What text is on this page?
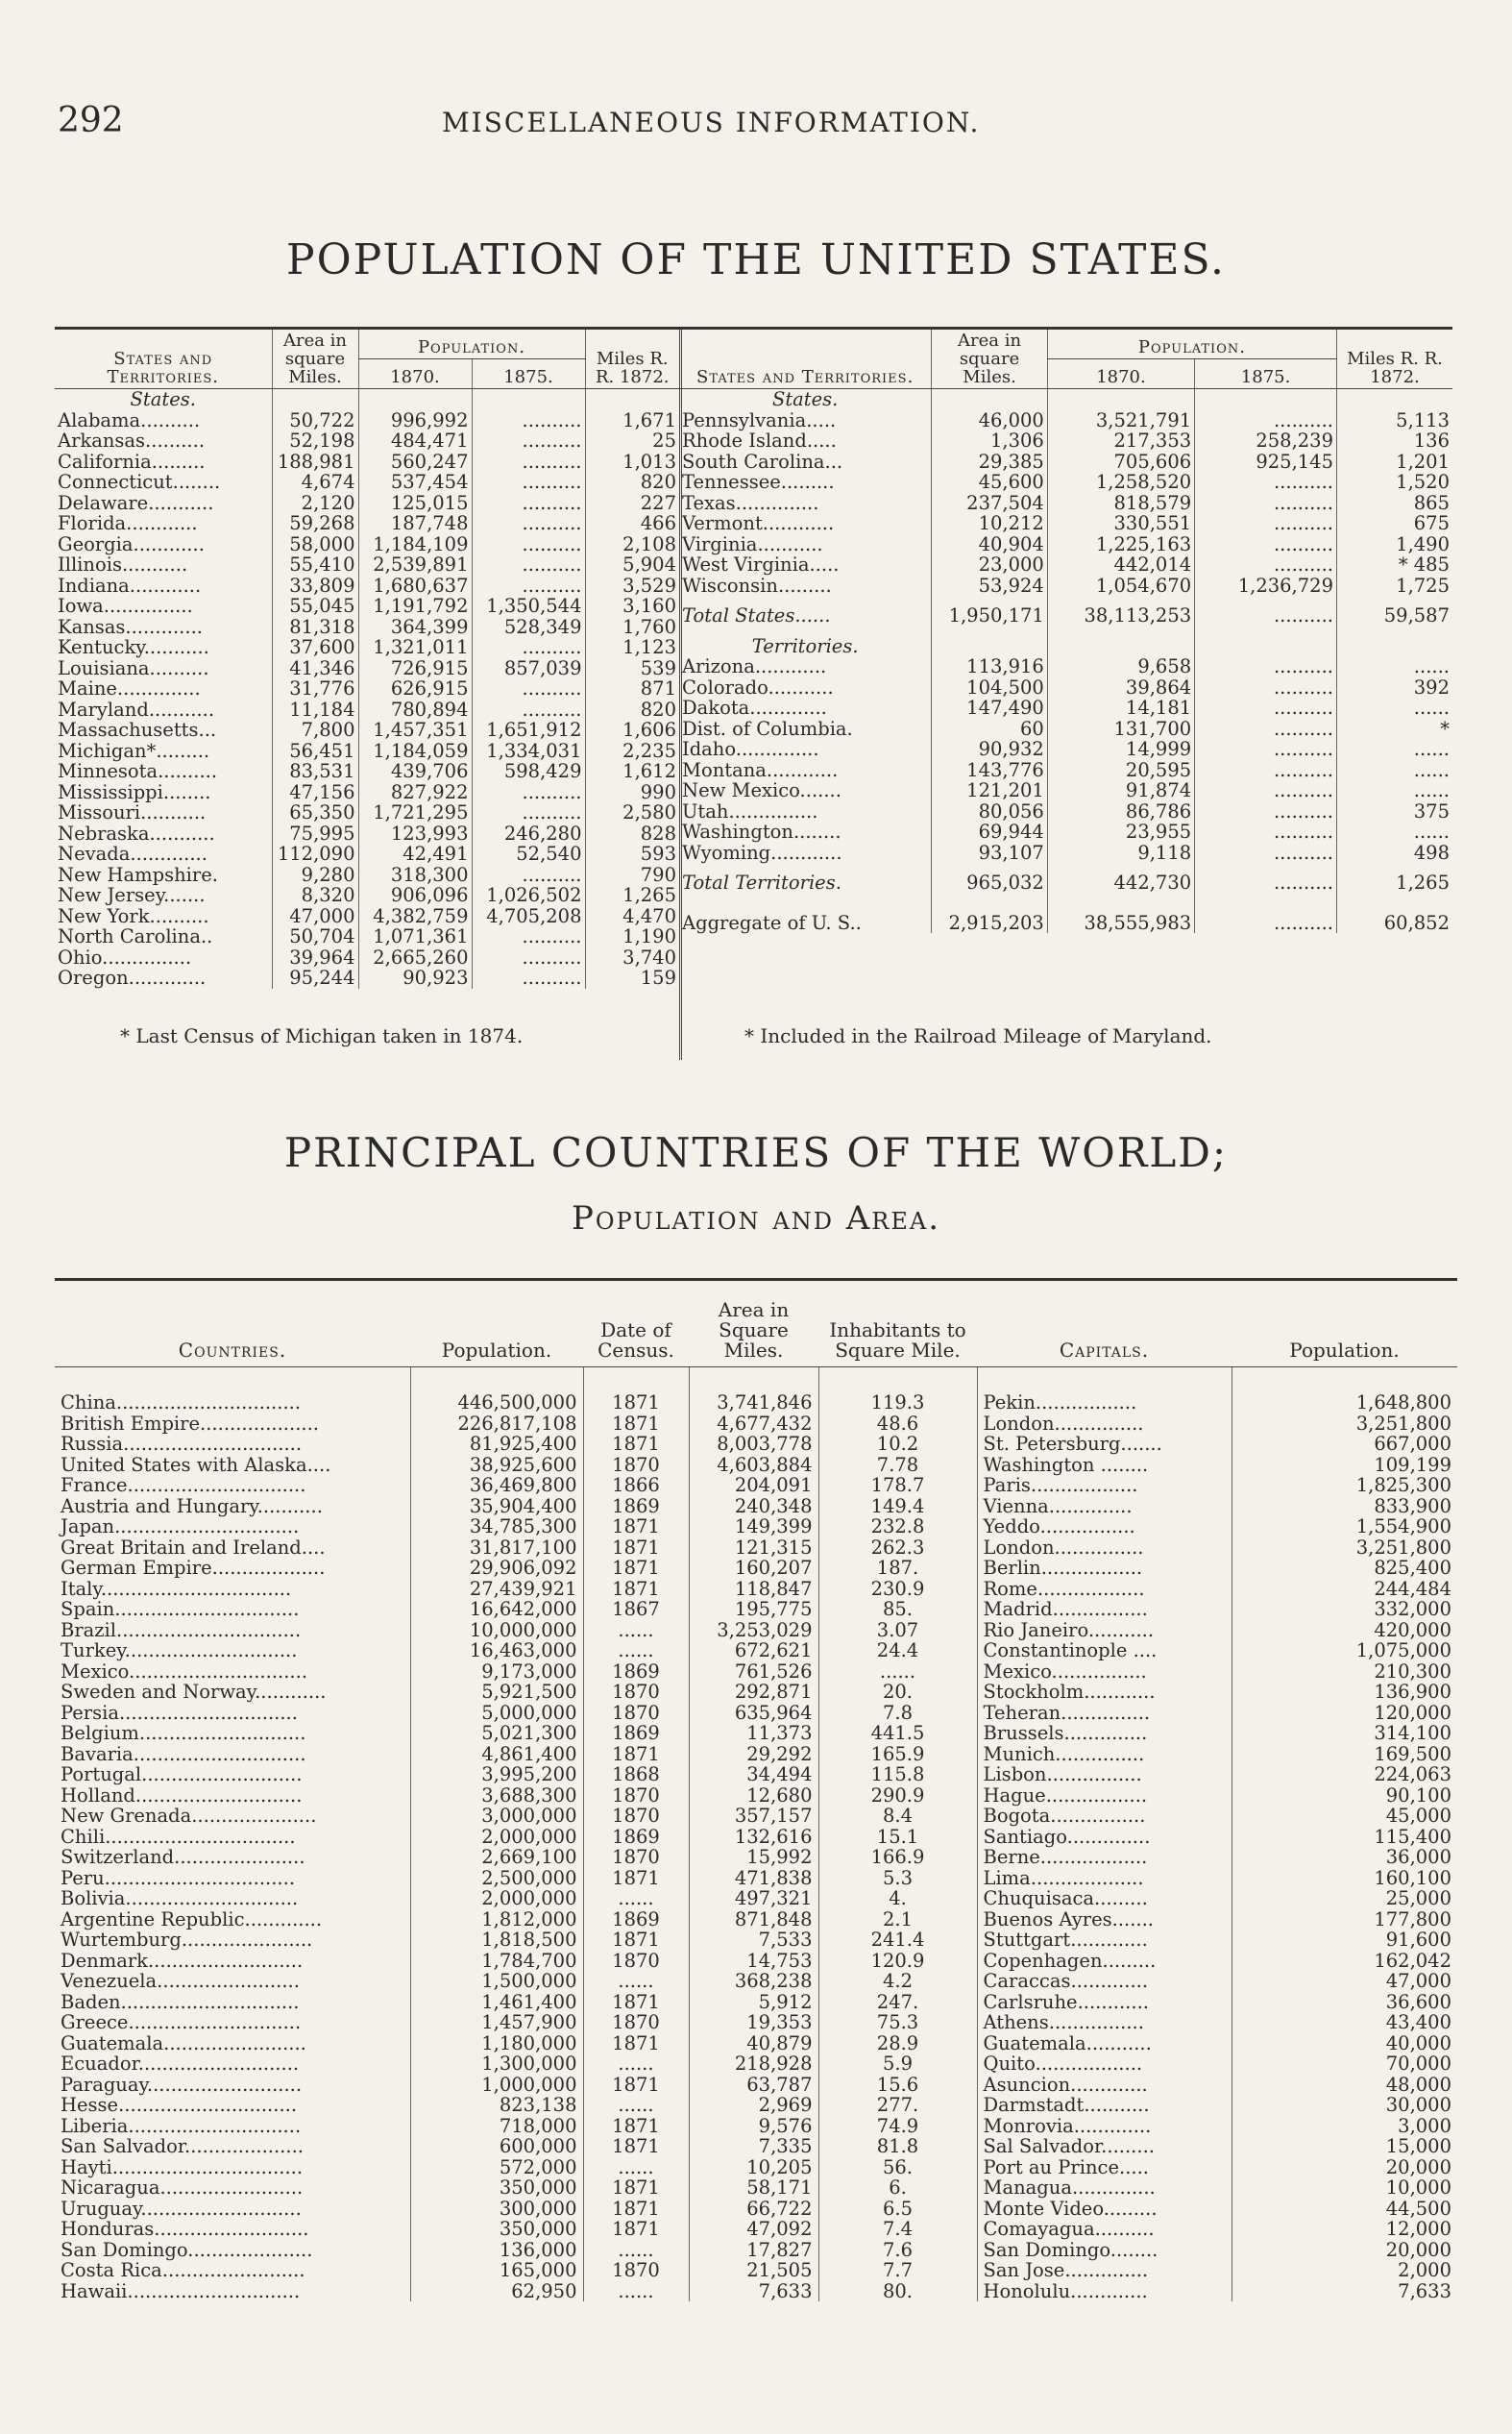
292	MISCELLANEOUS INFORMATION.
POPULATION OF THE UNITED STATES.
States and Territories.	Area in square Miles.	Population.		Miles R. R. 1872.
		1870.	1875.	
States.				
Alabama..........	50,722	996,992	..........	1,671
Arkansas..........	52,198	484,471	..........	25
California.........	188,981	560,247	..........	1,013
Connecticut........	4,674	537,454	..........	820
Delaware...........	2,120	125,015	..........	227
Florida............	59,268	187,748	..........	466
Georgia............	58,000	1,184,109	..........	2,108
Illinois...........	55,410	2,539,891	..........	5,904
Indiana............	33,809	1,680,637	..........	3,529
Iowa...............	55,045	1,191,792	1,350,544	3,160
Kansas.............	81,318	364,399	528,349	1,760
Kentucky...........	37,600	1,321,011	..........	1,123
Louisiana..........	41,346	726,915	857,039	539
Maine..............	31,776	626,915	..........	871
Maryland...........	11,184	780,894	..........	820
Massachusetts...	7,800	1,457,351	1,651,912	1,606
Michigan*.........	56,451	1,184,059	1,334,031	2,235
Minnesota..........	83,531	439,706	598,429	1,612
Mississippi........	47,156	827,922	..........	990
Missouri...........	65,350	1,721,295	..........	2,580
Nebraska...........	75,995	123,993	246,280	828
Nevada.............	112,090	42,491	52,540	593
New Hampshire.	9,280	318,300	..........	790
New Jersey.......	8,320	906,096	1,026,502	1,265
New York..........	47,000	4,382,759	4,705,208	4,470
North Carolina..	50,704	1,071,361	..........	1,190
Ohio...............	39,964	2,665,260	..........	3,740
Oregon.............	95,244	90,923	..........	159
States and Territories.	Area in square Miles.	Population.		Miles R. R. 1872.
		1870.	1875.	
States.				
Pennsylvania.....	46,000	3,521,791	..........	5,113
Rhode Island.....	1,306	217,353	258,239	136
South Carolina...	29,385	705,606	925,145	1,201
Tennessee.........	45,600	1,258,520	..........	1,520
Texas..............	237,504	818,579	..........	865
Vermont............	10,212	330,551	..........	675
Virginia...........	40,904	1,225,163	..........	1,490
West Virginia.....	23,000	442,014	..........	* 485
Wisconsin.........	53,924	1,054,670	1,236,729	1,725

Total States......	1,950,171	38,113,253	..........	59,587

Territories.				
Arizona............	113,916	9,658	..........	......
Colorado...........	104,500	39,864	..........	392
Dakota.............	147,490	14,181	..........	......
Dist. of Columbia.	60	131,700	..........	*
Idaho..............	90,932	14,999	..........	......
Montana............	143,776	20,595	..........	......
New Mexico.......	121,201	91,874	..........	......
Utah...............	80,056	86,786	..........	375
Washington........	69,944	23,955	..........	......
Wyoming............	93,107	9,118	..........	498

Total Territories.	965,032	442,730	..........	1,265

Aggregate of U. S..	2,915,203	38,555,983	..........	60,852
* Last Census of Michigan taken in 1874.	* Included in the Railroad Mileage of Maryland.
PRINCIPAL COUNTRIES OF THE WORLD;
Population and Area.
Countries.	Population.	Date of Census.	Area in Square Miles.	Inhabitants to Square Mile.	Capitals.	Population.

China...............................	446,500,000	1871	3,741,846	119.3	Pekin.................	1,648,800
British Empire....................	226,817,108	1871	4,677,432	48.6	London...............	3,251,800
Russia..............................	81,925,400	1871	8,003,778	10.2	St. Petersburg.......	667,000
United States with Alaska....	38,925,600	1870	4,603,884	7.78	Washington ........	109,199
France..............................	36,469,800	1866	204,091	178.7	Paris..................	1,825,300
Austria and Hungary...........	35,904,400	1869	240,348	149.4	Vienna..............	833,900
Japan...............................	34,785,300	1871	149,399	232.8	Yeddo................	1,554,900
Great Britain and Ireland....	31,817,100	1871	121,315	262.3	London...............	3,251,800
German Empire...................	29,906,092	1871	160,207	187.	Berlin.................	825,400
Italy................................	27,439,921	1871	118,847	230.9	Rome..................	244,484
Spain...............................	16,642,000	1867	195,775	85.	Madrid................	332,000
Brazil...............................	10,000,000	......	3,253,029	3.07	Rio Janeiro...........	420,000
Turkey.............................	16,463,000	......	672,621	24.4	Constantinople ....	1,075,000
Mexico..............................	9,173,000	1869	761,526	......	Mexico................	210,300
Sweden and Norway............	5,921,500	1870	292,871	20.	Stockholm............	136,900
Persia..............................	5,000,000	1870	635,964	7.8	Teheran...............	120,000
Belgium............................	5,021,300	1869	11,373	441.5	Brussels..............	314,100
Bavaria.............................	4,861,400	1871	29,292	165.9	Munich...............	169,500
Portugal...........................	3,995,200	1868	34,494	115.8	Lisbon................	224,063
Holland............................	3,688,300	1870	12,680	290.9	Hague.................	90,100
New Grenada.....................	3,000,000	1870	357,157	8.4	Bogota................	45,000
Chili................................	2,000,000	1869	132,616	15.1	Santiago..............	115,400
Switzerland......................	2,669,100	1870	15,992	166.9	Berne..................	36,000
Peru................................	2,500,000	1871	471,838	5.3	Lima...................	160,100
Bolivia.............................	2,000,000	......	497,321	4.	Chuquisaca.........	25,000
Argentine Republic.............	1,812,000	1869	871,848	2.1	Buenos Ayres.......	177,800
Wurtemburg......................	1,818,500	1871	7,533	241.4	Stuttgart.............	91,600
Denmark..........................	1,784,700	1870	14,753	120.9	Copenhagen.........	162,042
Venezuela........................	1,500,000	......	368,238	4.2	Caraccas.............	47,000
Baden..............................	1,461,400	1871	5,912	247.	Carlsruhe............	36,600
Greece.............................	1,457,900	1870	19,353	75.3	Athens................	43,400
Guatemala........................	1,180,000	1871	40,879	28.9	Guatemala...........	40,000
Ecuador...........................	1,300,000	......	218,928	5.9	Quito..................	70,000
Paraguay..........................	1,000,000	1871	63,787	15.6	Asuncion.............	48,000
Hesse..............................	823,138	......	2,969	277.	Darmstadt...........	30,000
Liberia.............................	718,000	1871	9,576	74.9	Monrovia.............	3,000
San Salvador....................	600,000	1871	7,335	81.8	Sal Salvador.........	15,000
Hayti................................	572,000	......	10,205	56.	Port au Prince.....	20,000
Nicaragua........................	350,000	1871	58,171	6.	Managua..............	10,000
Uruguay...........................	300,000	1871	66,722	6.5	Monte Video.........	44,500
Honduras..........................	350,000	1871	47,092	7.4	Comayagua..........	12,000
San Domingo.....................	136,000	......	17,827	7.6	San Domingo........	20,000
Costa Rica........................	165,000	1870	21,505	7.7	San Jose..............	2,000
Hawaii.............................	62,950	......	7,633	80.	Honolulu.............	7,633
